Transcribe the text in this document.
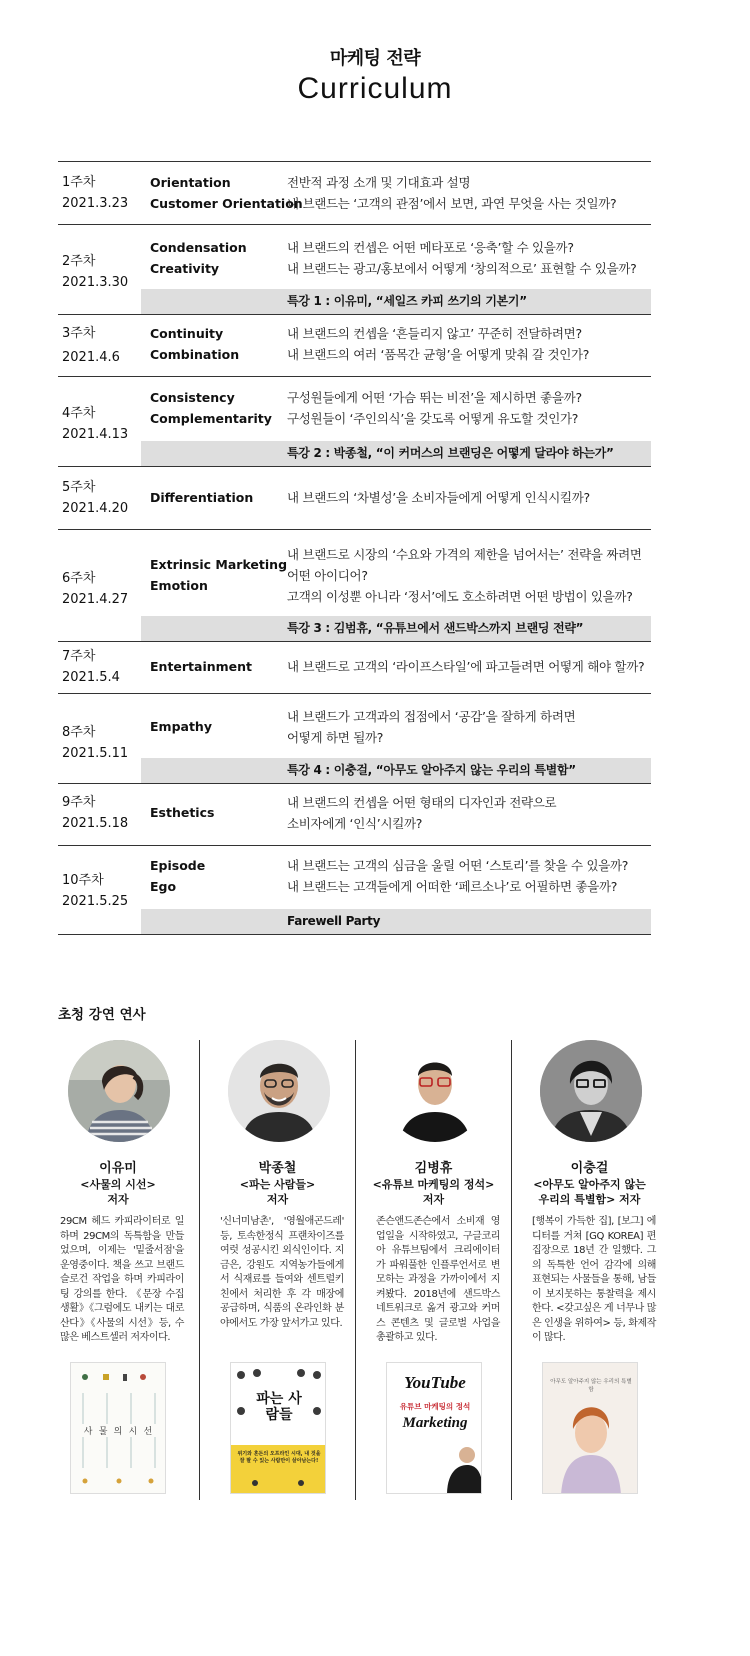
마케팅 전략
Curriculum
1주차
2021.3.23
Orientation
Customer Orientation
전반적 과정 소개 및 기대효과 설명
내 브랜드는 ‘고객의 관점’에서 보면, 과연 무엇을 사는 것일까?
2주차
2021.3.30
Condensation
Creativity
내 브랜드의 컨셉은 어떤 메타포로 ‘응축’할 수 있을까?
내 브랜드는 광고/홍보에서 어떻게 ‘창의적으로’ 표현할 수 있을까?
특강 1 : 이유미, “세일즈 카피 쓰기의 기본기”
3주차
2021.4.6
Continuity
Combination
내 브랜드의 컨셉을 ‘흔들리지 않고’ 꾸준히 전달하려면?
내 브랜드의 여러 ‘품목간 균형’을 어떻게 맞춰 갈 것인가?
4주차
2021.4.13
Consistency
Complementarity
구성원들에게 어떤 ‘가슴 뛰는 비전’을 제시하면 좋을까?
구성원들이 ‘주인의식’을 갖도록 어떻게 유도할 것인가?
특강 2 : 박종철, “이 커머스의 브랜딩은 어떻게 달라야 하는가”
5주차
2021.4.20
Differentiation	내 브랜드의 ‘차별성’을 소비자들에게 어떻게 인식시킬까?
6주차
2021.4.27
Extrinsic Marketing
Emotion
내 브랜드로 시장의 ‘수요와 가격의 제한을 넘어서는’ 전략을 짜려면
어떤 아이디어?
고객의 이성뿐 아니라 ‘정서’에도 호소하려면 어떤 방법이 있을까?
특강 3 : 김범휴, “유튜브에서 샌드박스까지 브랜딩 전략”
7주차
2021.5.4
Entertainment	내 브랜드로 고객의 ‘라이프스타일’에 파고들려면 어떻게 해야 할까?
8주차
2021.5.11
Empathy
내 브랜드가 고객과의 접점에서 ‘공감’을 잘하게 하려면
어떻게 하면 될까?
특강 4 : 이충걸, “아무도 알아주지 않는 우리의 특별함”
9주차
2021.5.18
Esthetics
내 브랜드의 컨셉을 어떤 형태의 디자인과 전략으로
소비자에게 ‘인식’시킬까?
10주차
2021.5.25
Episode
Ego
내 브랜드는 고객의 심금을 울릴 어떤 ‘스토리’를 찾을 수 있을까?
내 브랜드는 고객들에게 어떠한 ‘페르소나’로 어필하면 좋을까?
Farewell Party
초청 강연 연사
이유미
<사물의 시선>
저자
29CM 헤드 카피라이터로 일하며 29CM의 독특함을 만들었으며, 이제는 '밑줄서점'을 운영중이다. 책을 쓰고 브랜드 슬로건 작업을 하며 카피라이팅 강의를 한다. 《문장 수집 생활》《그럼에도 내키는 대로 산다》《사물의 시선》등, 수많은 베스트셀러 저자이다.
사 물 의 시 선
박종철
<파는 사람들>
저자
'신너미남촌', '영월애곤드레' 등, 토속한정식 프랜차이즈를 여럿 성공시킨 외식인이다. 지금은, 강원도 지역농가들에게서 식재료를 들여와 센트럴키친에서 처리한 후 각 매장에 공급하며, 식품의 온라인화 분야에서도 가장 앞서가고 있다.
파는 사람들
위기와 혼돈의 오프라인 시대, 내 것을 잘 팔 수 있는 사람만이 살아남는다!
김병휴
<유튜브 마케팅의 정석>
저자
존슨앤드존슨에서 소비재 영업일을 시작하였고, 구글코리아 유튜브팀에서 크리에이터가 파워풀한 인플루언서로 변모하는 과정을 가까이에서 지켜봤다. 2018년에 샌드박스 네트워크로 옮겨 광고와 커머스 콘텐츠 및 글로벌 사업을 총괄하고 있다.
YouTube
유튜브 마케팅의 정석
Marketing
이충걸
<아무도 알아주지 않는
우리의 특별함> 저자
[행복이 가득한 집], [보그] 에디터를 거쳐 [GQ KOREA] 편집장으로 18년 간 일했다. 그의 독특한 언어 감각에 의해 표현되는 사물들을 통해, 남들이 보지못하는 통찰력을 제시한다. <갖고싶은 게 너무나 많은 인생을 위하여> 등, 화제작이 많다.
아무도 알아주지 않는 우리의 특별함
